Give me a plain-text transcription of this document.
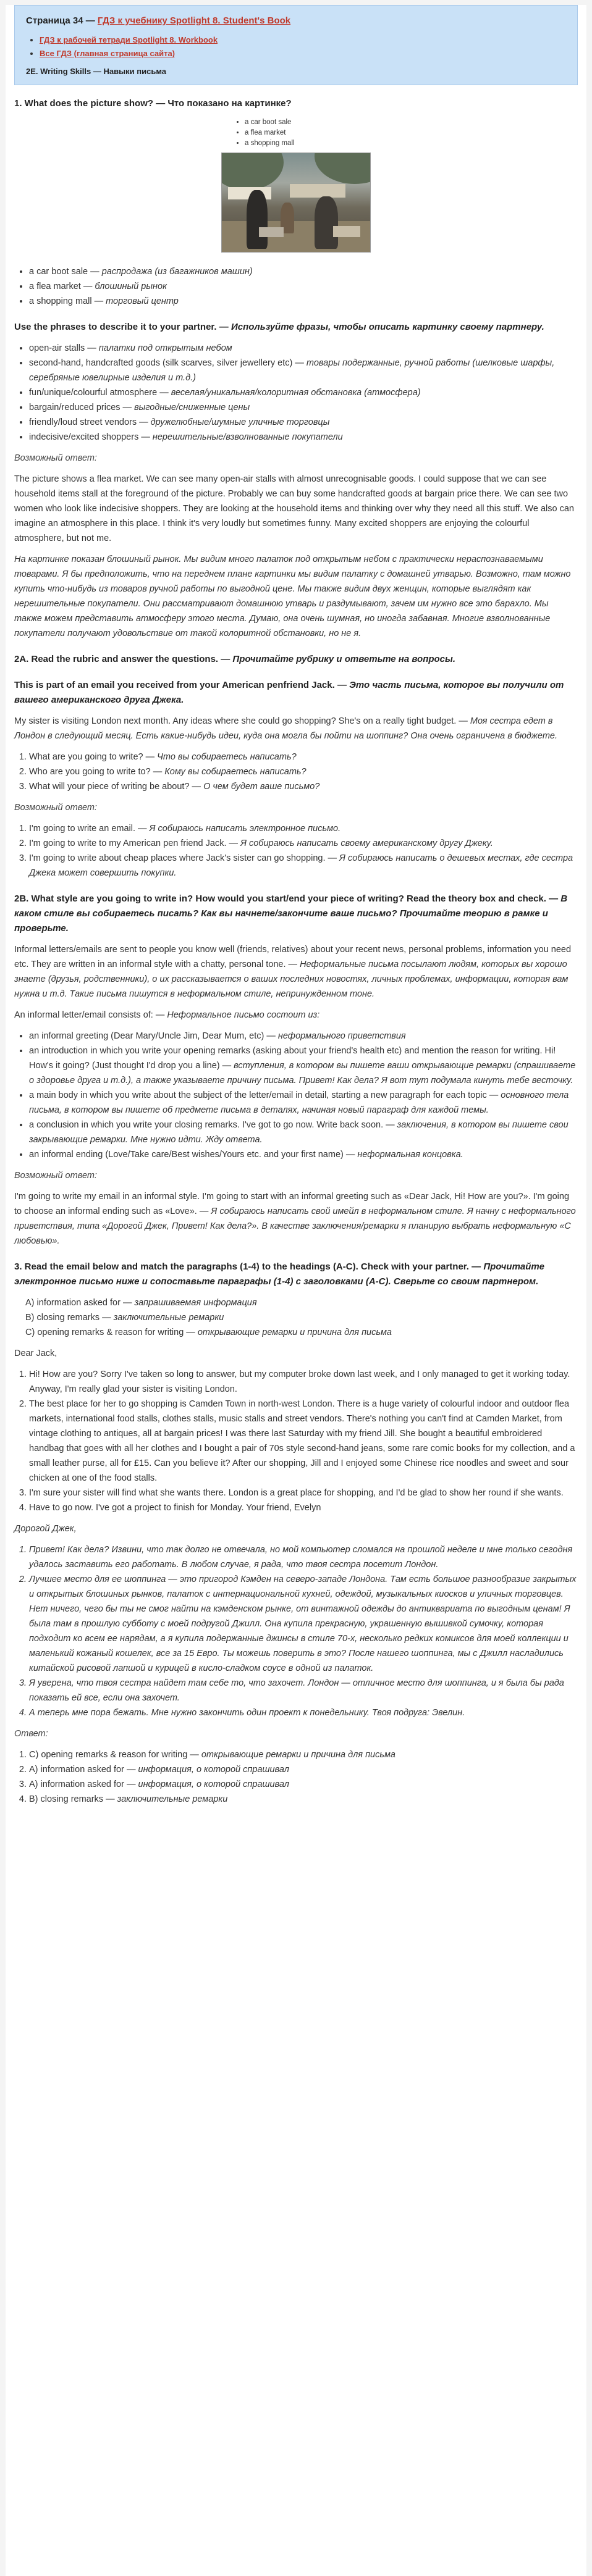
Страница 34 — ГДЗ к учебнику Spotlight 8. Student's Book
• ГДЗ к рабочей тетради Spotlight 8. Workbook
• Все ГДЗ (главная страница сайта)
2E. Writing Skills — Навыки письма
1. What does the picture show? — Что показано на картинке?
• a car boot sale
• a flea market
• a shopping mall
• a car boot sale — распродажа (из багажников машин)
• a flea market — блошиный рынок
• a shopping mall — торговый центр
Use the phrases to describe it to your partner. — Используйте фразы, чтобы описать картинку своему партнеру.
• open-air stalls — палатки под открытым небом
• second-hand, handcrafted goods (silk scarves, silver jewellery etc) — товары подержанные, ручной работы (шелковые шарфы, серебряные ювелирные изделия и т.д.)
• fun/unique/colourful atmosphere — веселая/уникальная/колоритная обстановка (атмосфера)
• bargain/reduced prices — выгодные/сниженные цены
• friendly/loud street vendors — дружелюбные/шумные уличные торговцы
• indecisive/excited shoppers — нерешительные/взволнованные покупатели

Возможный ответ:

The picture shows a flea market. We can see many open-air stalls with almost unrecognisable goods. I could suppose that we can see household items stall at the foreground of the picture. Probably we can buy some handcrafted goods at bargain price there. We can see two women who look like indecisive shoppers. They are looking at the household items and thinking over why they need all this stuff. We also can imagine an atmosphere in this place. I think it's very loudly but sometimes funny. Many excited shoppers are enjoying the colourful atmosphere, but not me.

На картинке показан блошиный рынок. Мы видим много палаток под открытым небом с практически нераспознаваемыми товарами. Я бы предположить, что на переднем плане картинки мы видим палатку с домашней утварью. Возможно, там можно купить что-нибудь из товаров ручной работы по выгодной цене. Мы также видим двух женщин, которые выглядят как нерешительные покупатели. Они рассматривают домашнюю утварь и раздумывают, зачем им нужно все это барахло. Мы также можем представить атмосферу этого места. Думаю, она очень шумная, но иногда забавная. Многие взволнованные покупатели получают удовольствие от такой колоритной обстановки, но не я.

2A. Read the rubric and answer the questions. — Прочитайте рубрику и ответьте на вопросы.
This is part of an email you received from your American penfriend Jack. — Это часть письма, которое вы получили от вашего американского друга Джека.

My sister is visiting London next month. Any ideas where she could go shopping? She's on a really tight budget. — Моя сестра едет в Лондон в следующий месяц. Есть какие-нибудь идеи, куда она могла бы пойти на шоппинг? Она очень ограничена в бюджете.

1. What are you going to write? — Что вы собираетесь написать?
2. Who are you going to write to? — Кому вы собираетесь написать?
3. What will your piece of writing be about? — О чем будет ваше письмо?

Возможный ответ:

1. I'm going to write an email. — Я собираюсь написать электронное письмо.
2. I'm going to write to my American pen friend Jack. — Я собираюсь написать своему американскому другу Джеку.
3. I'm going to write about cheap places where Jack's sister can go shopping. — Я собираюсь написать о дешевых местах, где сестра Джека может совершить покупки.
2B. What style are you going to write in? How would you start/end your piece of writing? Read the theory box and check. — В каком стиле вы собираетесь писать? Как вы начнете/закончите ваше письмо? Прочитайте теорию в рамке и проверьте.

Informal letters/emails are sent to people you know well (friends, relatives) about your recent news, personal problems, information you need etc. They are written in an informal style with a chatty, personal tone. — Неформальные письма посылают людям, которых вы хорошо знаете (друзья, родственники), о их рассказывается о ваших последних новостях, личных проблемах, информации, которая вам нужна и т.д. Такие письма пишутся в неформальном стиле, непринужденном тоне.

An informal letter/email consists of: — Неформальное письмо состоит из:

• an informal greeting (Dear Mary/Uncle Jim, Dear Mum, etc) — неформального приветствия
• an introduction in which you write your opening remarks (asking about your friend's health etc) and mention the reason for writing. Hi! How's it going? (Just thought I'd drop you a line) — вступления, в котором вы пишете ваши открывающие ремарки (спрашиваете о здоровье друга и т.д.), а также указываете причину письма. Привет! Как дела? Я вот тут подумала кинуть тебе весточку.
• a main body in which you write about the subject of the letter/email in detail, starting a new paragraph for each topic — основного тела письма, в котором вы пишете об предмете письма в деталях, начиная новый параграф для каждой темы.
• a conclusion in which you write your closing remarks. I've got to go now. Write back soon. — заключения, в котором вы пишете свои закрывающие ремарки. Мне нужно идти. Жду ответа.
• an informal ending (Love/Take care/Best wishes/Yours etc. and your first name) — неформальная концовка.

Возможный ответ:

I'm going to write my email in an informal style. I'm going to start with an informal greeting such as «Dear Jack, Hi! How are you?». I'm going to choose an informal ending such as «Love». — Я собираюсь написать свой имейл в неформальном стиле. Я начну с неформального приветствия, типа «Дорогой Джек, Привет! Как дела?». В качестве заключения/ремарки я планирую выбрать неформальную «С любовью».

3. Read the email below and match the paragraphs (1-4) to the headings (A-C). Check with your partner. — Прочитайте электронное письмо ниже и сопоставьте параграфы (1-4) с заголовками (A-C). Сверьте со своим партнером.
A) information asked for — запрашиваемая информация
B) closing remarks — заключительные ремарки
C) opening remarks & reason for writing — открывающие ремарки и причина для письма

Dear Jack,

1. Hi! How are you? Sorry I've taken so long to answer, but my computer broke down last week, and I only managed to get it working today. Anyway, I'm really glad your sister is visiting London.
2. The best place for her to go shopping is Camden Town in north-west London. There is a huge variety of colourful indoor and outdoor flea markets, international food stalls, clothes stalls, music stalls and street vendors. There's nothing you can't find at Camden Market, from vintage clothing to antiques, all at bargain prices! I was there last Saturday with my friend Jill. She bought a beautiful embroidered handbag that goes with all her clothes and I bought a pair of 70s style second-hand jeans, some rare comic books for my collection, and a small leather purse, all for £15. Can you believe it? After our shopping, Jill and I enjoyed some Chinese rice noodles and sweet and sour chicken at one of the food stalls.
3. I'm sure your sister will find what she wants there. London is a great place for shopping, and I'd be glad to show her round if she wants.
4. Have to go now. I've got a project to finish for Monday. Your friend, Evelyn

Дорогой Джек,

1. Привет! Как дела? Извини, что так долго не отвечала, но мой компьютер сломался на прошлой неделе и мне только сегодня удалось заставить его работать. В любом случае, я рада, что твоя сестра посетит Лондон.
2. Лучшее место для ее шоппинга — это пригород Кэмден на северо-западе Лондона. Там есть большое разнообразие закрытых и открытых блошиных рынков, палаток с интернациональной кухней, одеждой, музыкальных киосков и уличных торговцев. Нет ничего, чего бы ты не смог найти на кэмденском рынке, от винтажной одежды до антиквариата по выгодным ценам! Я была там в прошлую субботу с моей подругой Джилл. Она купила прекрасную, украшенную вышивкой сумочку, которая подходит ко всем ее нарядам, а я купила подержанные джинсы в стиле 70-х, несколько редких комиксов для моей коллекции и маленький кожаный кошелек, все за 15 Евро. Ты можешь поверить в это? После нашего шоппинга, мы с Джилл насладились китайской рисовой лапшой и курицей в кисло-сладком соусе в одной из палаток.
3. Я уверена, что твоя сестра найдет там себе то, что захочет. Лондон — отличное место для шоппинга, и я была бы рада показать ей все, если она захочет.
4. А теперь мне пора бежать. Мне нужно закончить один проект к понедельнику. Твоя подруга: Эвелин.

Ответ:

1. C) opening remarks & reason for writing — открывающие ремарки и причина для письма
2. A) information asked for — информация, о которой спрашивал
3. A) information asked for — информация, о которой спрашивал
4. B) closing remarks — заключительные ремарки
